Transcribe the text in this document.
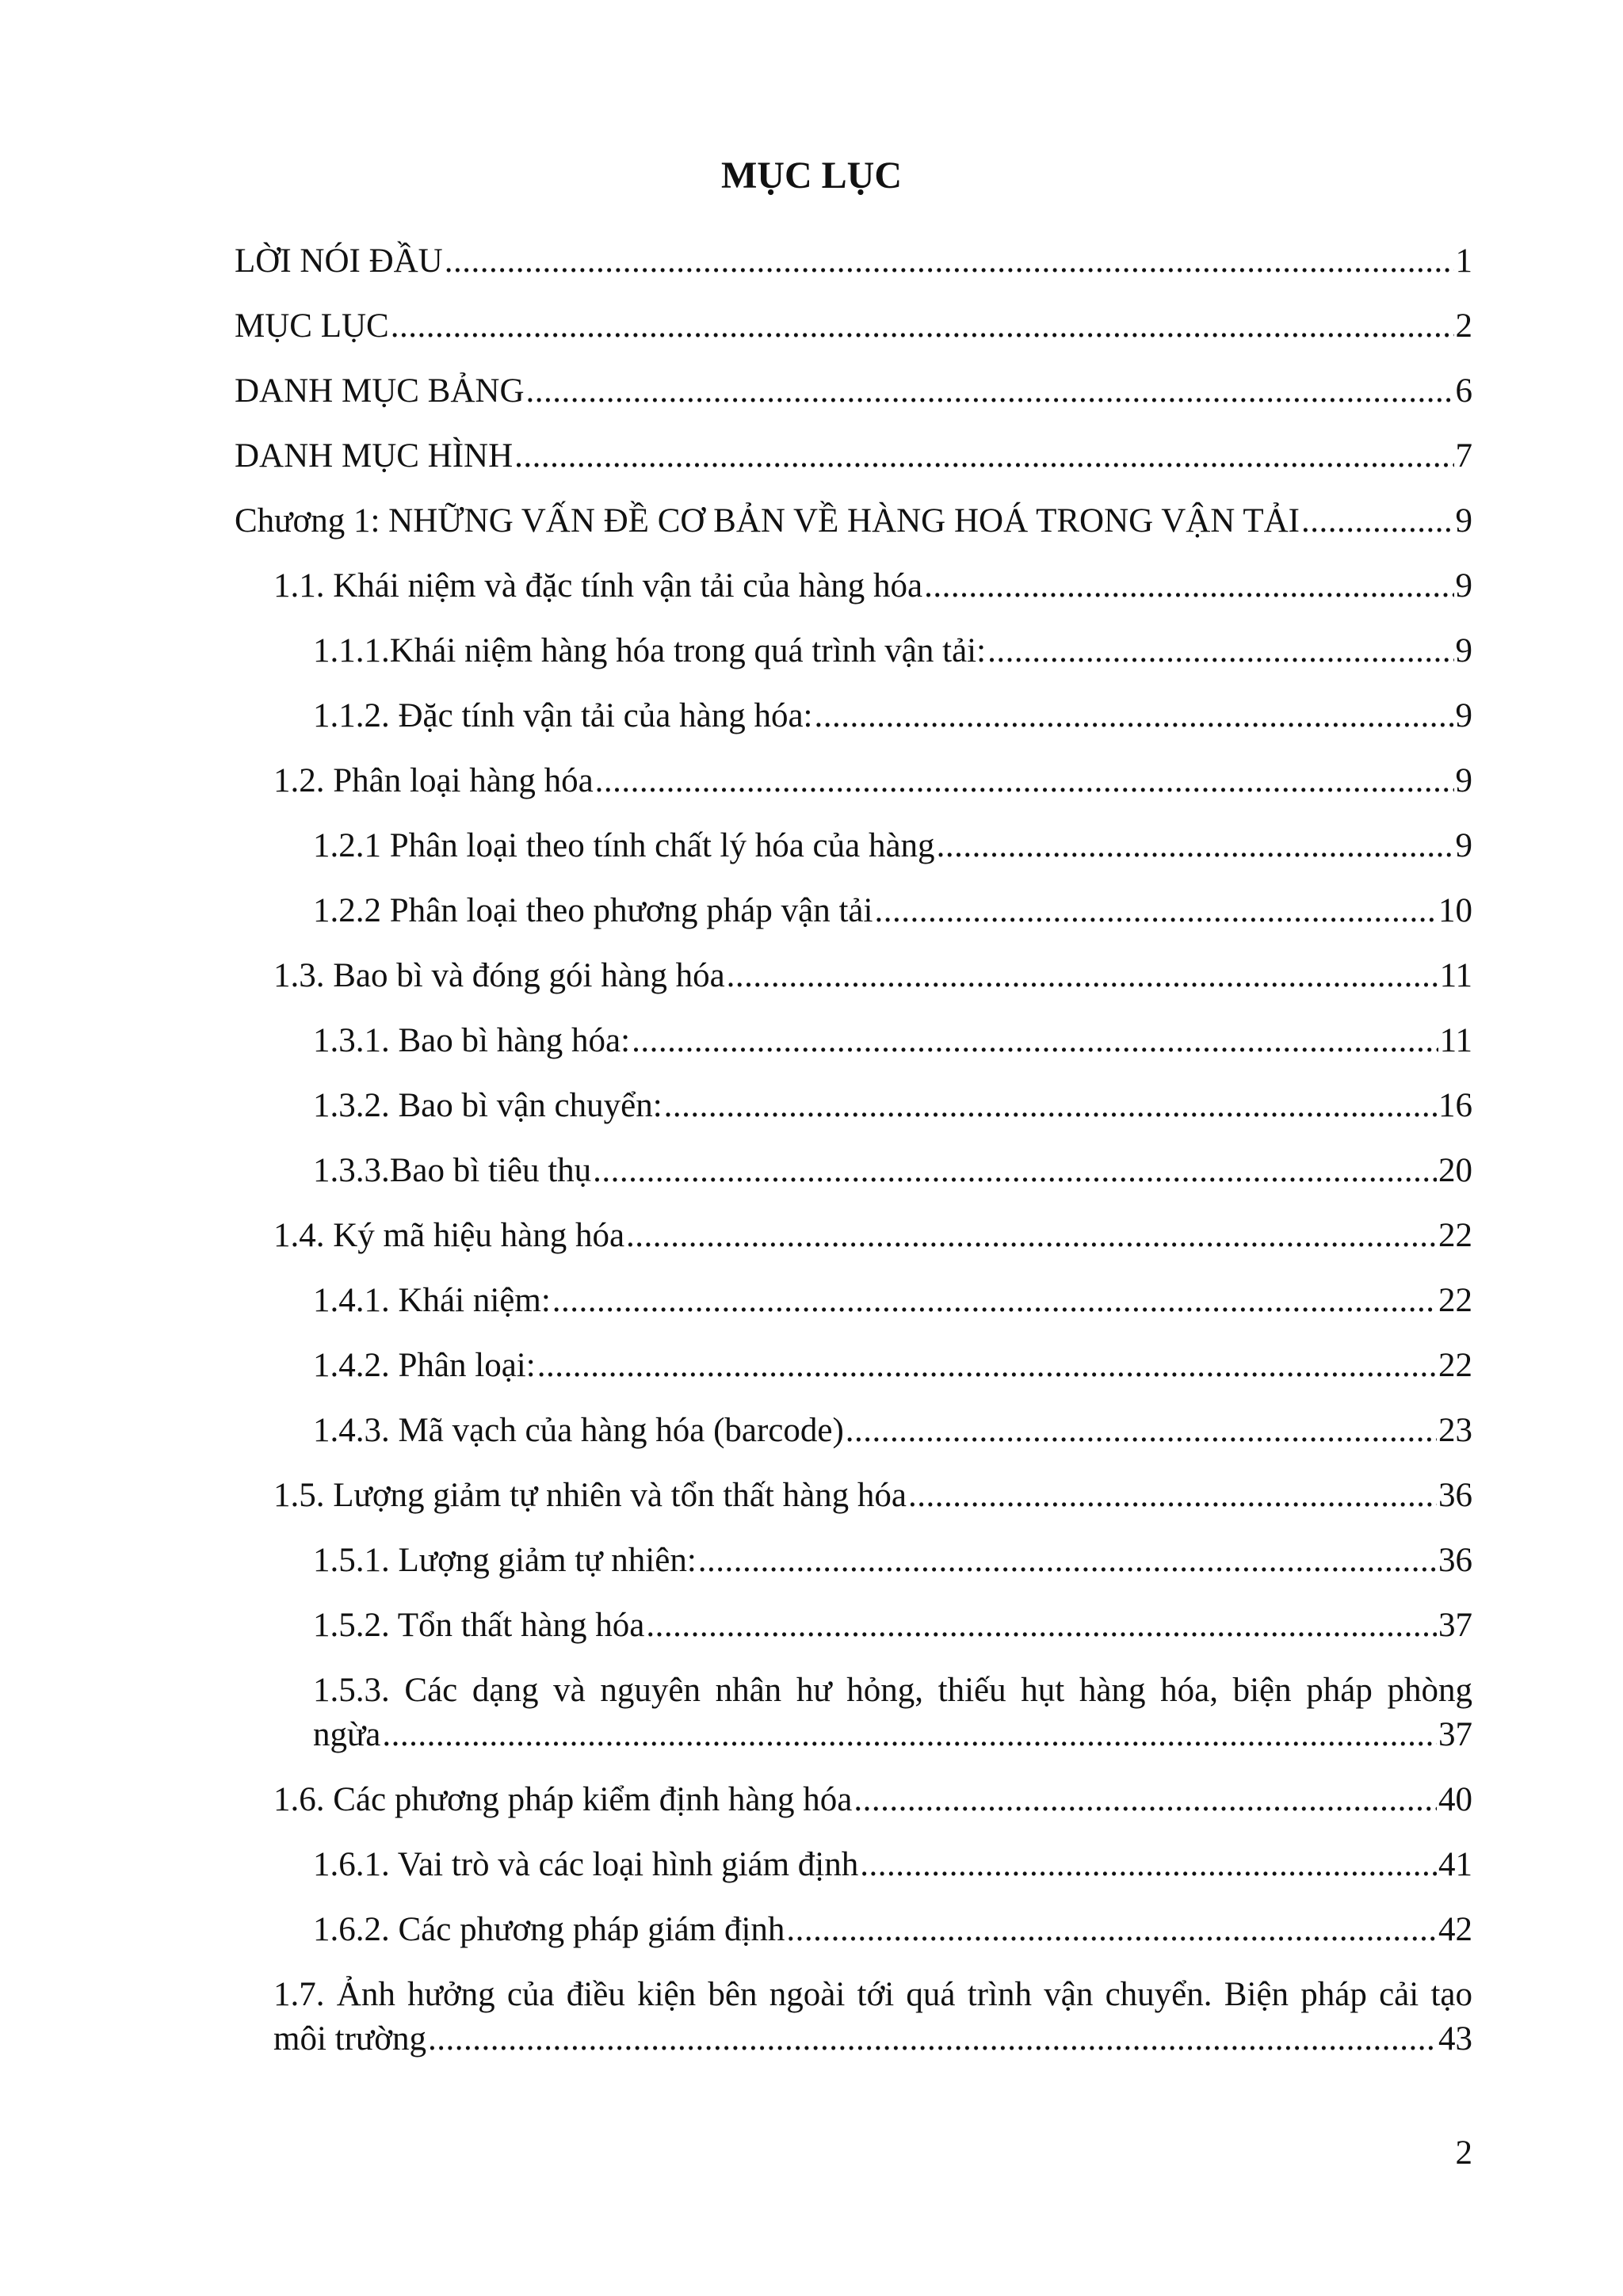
MỤC LỤC
LỜI NÓI ĐẦU .....	1
MỤC LỤC .....	2
DANH MỤC BẢNG .....	6
DANH MỤC HÌNH .....	7
Chương 1: NHỮNG VẤN ĐỀ CƠ BẢN VỀ HÀNG HOÁ TRONG VẬN TẢI .....	9
1.1. Khái niệm và đặc tính vận tải của hàng hóa .....	9
1.1.1.Khái niệm hàng hóa trong quá trình vận tải: .....	9
1.1.2. Đặc tính vận tải của hàng hóa: .....	9
1.2. Phân loại hàng hóa .....	9
1.2.1 Phân loại theo tính chất lý hóa của hàng .....	9
1.2.2 Phân loại theo phương pháp vận tải .....	10
1.3. Bao bì và đóng gói hàng hóa .....	11
1.3.1. Bao bì hàng hóa: .....	11
1.3.2. Bao bì vận chuyển: .....	16
1.3.3.Bao bì tiêu thụ .....	20
1.4. Ký mã hiệu hàng hóa .....	22
1.4.1. Khái niệm: .....	22
1.4.2. Phân loại: .....	22
1.4.3. Mã vạch của hàng hóa (barcode) .....	23
1.5. Lượng giảm tự nhiên và tổn thất hàng hóa .....	36
1.5.1. Lượng giảm tự nhiên: .....	36
1.5.2. Tổn thất hàng hóa .....	37
1.5.3. Các dạng và nguyên nhân hư hỏng, thiếu hụt hàng hóa, biện pháp phòng
ngừa .....	37
1.6. Các phương pháp kiểm định hàng hóa .....	40
1.6.1. Vai trò và các loại hình giám định .....	41
1.6.2. Các phương pháp giám định .....	42
1.7. Ảnh hưởng của điều kiện bên ngoài tới quá trình vận chuyển. Biện pháp cải tạo
môi trường .....	43
2
